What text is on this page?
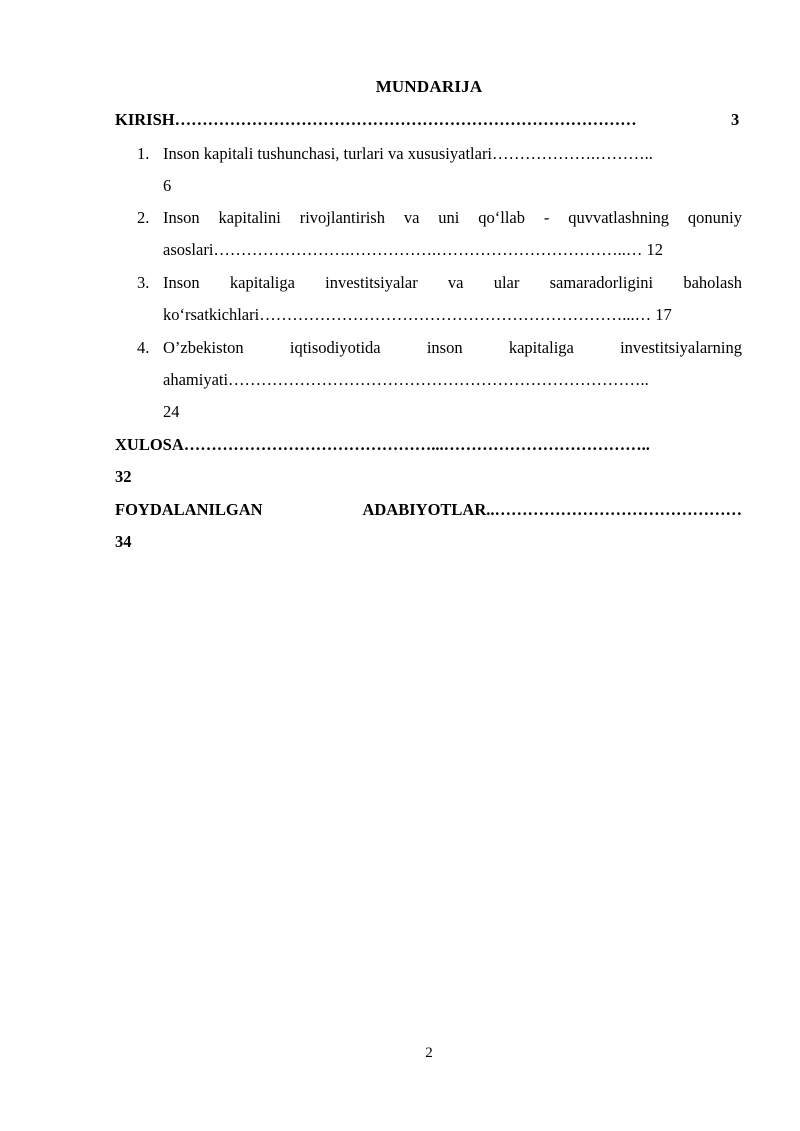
MUNDARIJA
KIRISH…………………………………………………………………………	3
1. Inson kapitali tushunchasi, turlari va xususiyatlari……………….………..
6
2. Inson kapitalini rivojlantirish va uni qo‘llab - quvvatlashning qonuniy
asoslari…………………….…………….……………………………..… 12
3. Inson kapitaliga investitsiyalar va ular samaradorligini baholash
ko‘rsatkichlari…………………………………………………………...… 17
4. O’zbekiston iqtisodiyotida inson kapitaliga investitsiyalarning
ahamiyati…………………………………………………………………..
24
XULOSA………………………………………...………………………………..
32
FOYDALANILGAN ADABIYOTLAR..………………………………………
34
2
